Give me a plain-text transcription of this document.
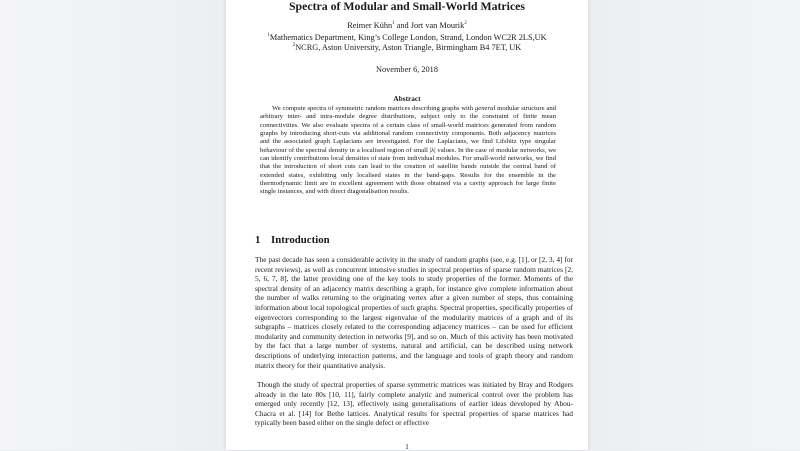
Spectra of Modular and Small-World Matrices
Reimer Kühn$^1$ and Jort van Mourik$^2$
$^1$Mathematics Department, King’s College London, Strand, London WC2R 2LS,UK
$^2$NCRG, Aston University, Aston Triangle, Birmingham B4 7ET, UK
November 6, 2018
Abstract

We compute spectra of symmetric random matrices describing graphs with general modular structure and arbitrary inter- and intra-module degree distributions, subject only to the constraint of finite mean connectivities. We also evaluate spectra of a certain class of small-world matrices generated from random graphs by introducing short-cuts via additional random connectivity components. Both adjacency matrices and the associated graph Laplacians are investigated. For the Laplacians, we find Lifshitz type singular behaviour of the spectral density in a localised region of small |λ| values. In the case of modular networks, we can identify contributions local densities of state from individual modules. For small-world networks, we find that the introduction of short cuts can lead to the creation of satellite bands outside the central band of extended states, exhibiting only localised states in the band-gaps. Results for the ensemble in the thermodynamic limit are in excellent agreement with those obtained via a cavity approach for large finite single instances, and with direct diagonalisation results.

1 Introduction

The past decade has seen a considerable activity in the study of random graphs (see, e.g. [1], or [2, 3, 4] for recent reviews), as well as concurrent intensive studies in spectral properties of sparse random matrices [2, 5, 6, 7, 8], the latter providing one of the key tools to study properties of the former. Moments of the spectral density of an adjacency matrix describing a graph, for instance give complete information about the number of walks returning to the originating vertex after a given number of steps, thus containing information about local topological properties of such graphs. Spectral properties, specifically properties of eigenvectors corresponding to the largest eigenvalue of the modularity matrices of a graph and of its subgraphs – matrices closely related to the corresponding adjacency matrices – can be used for efficient modularity and community detection in networks [9], and so on. Much of this activity has been motivated by the fact that a large number of systems, natural and artificial, can be described using network descriptions of underlying interaction patterns, and the language and tools of graph theory and random matrix theory for their quantitative analysis.

Though the study of spectral properties of sparse symmetric matrices was initiated by Bray and Rodgers already in the late 80s [10, 11], fairly complete analytic and numerical control over the problem has emerged only recently [12, 13], effectively using generalisations of earlier ideas developed by Abou-Chacra et al. [14] for Bethe lattices. Analytical results for spectral properties of sparse matrices had typically been based either on the single defect or effective

1
